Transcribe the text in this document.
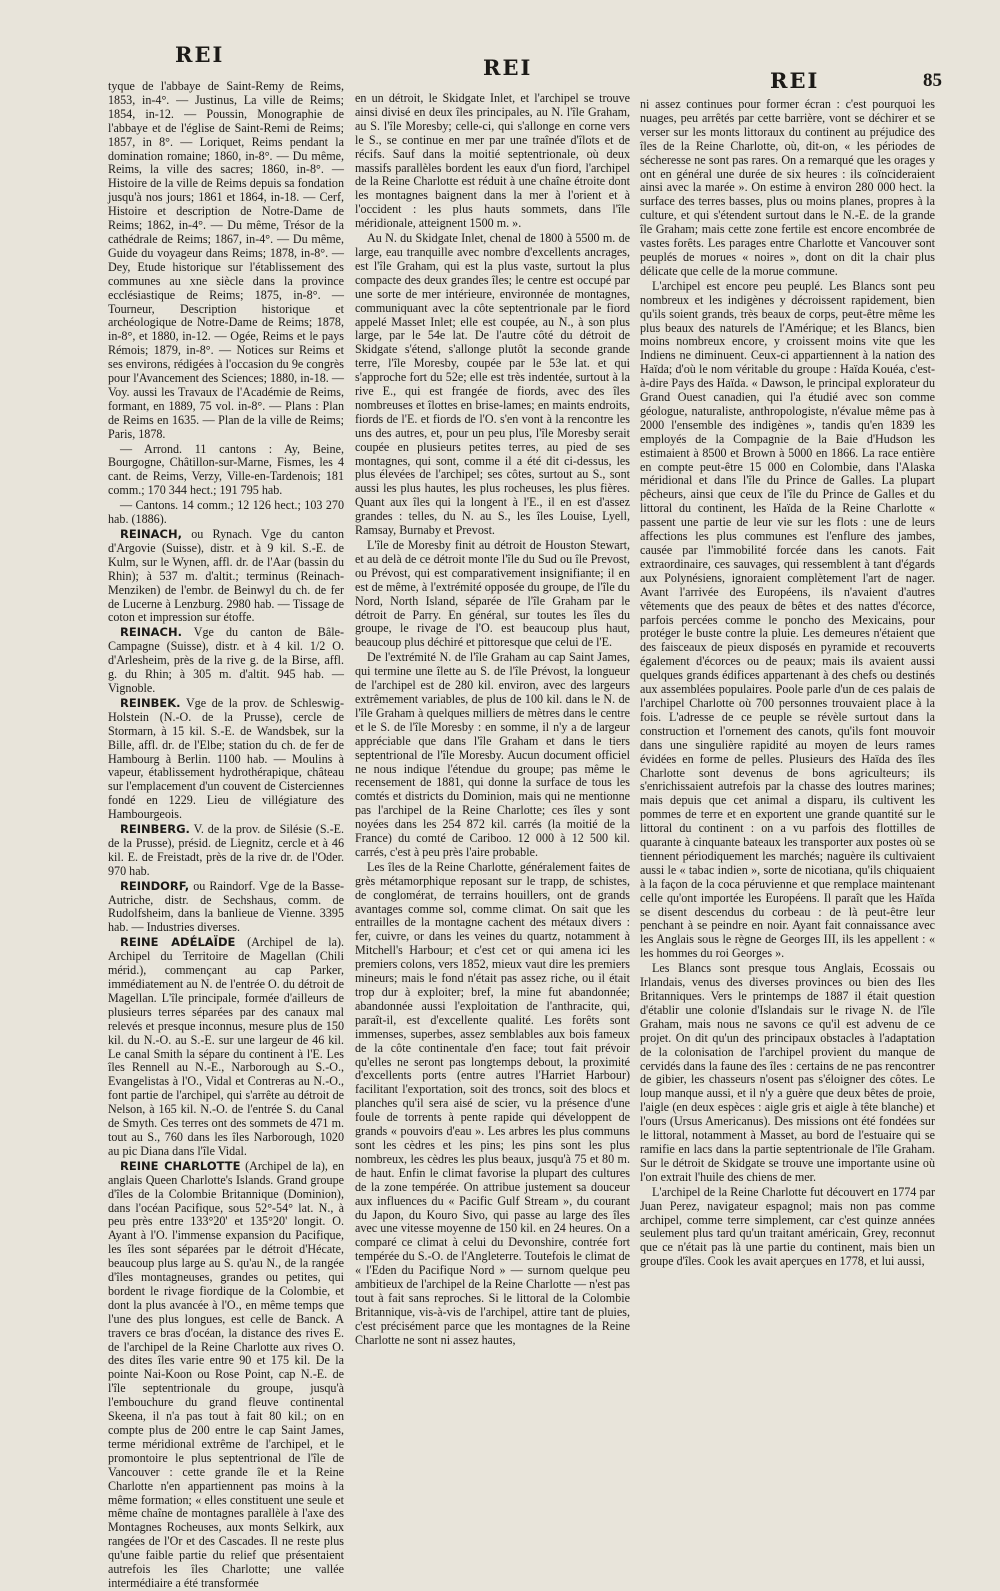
REI
REI
REI	85

tyque de l'abbaye de Saint-Remy de Reims, 1853, in-4°. — Justinus, La ville de Reims; 1854, in-12. — Poussin, Monographie de l'abbaye et de l'église de Saint-Remi de Reims; 1857, in 8°. — Loriquet, Reims pendant la domination romaine; 1860, in-8°. — Du même, Reims, la ville des sacres; 1860, in-8°. — Histoire de la ville de Reims depuis sa fondation jusqu'à nos jours; 1861 et 1864, in-18. — Cerf, Histoire et description de Notre-Dame de Reims; 1862, in-4°. — Du même, Trésor de la cathédrale de Reims; 1867, in-4°. — Du même, Guide du voyageur dans Reims; 1878, in-8°. — Dey, Etude historique sur l'établissement des communes au xne siècle dans la province ecclésiastique de Reims; 1875, in-8°. — Tourneur, Description historique et archéologique de Notre-Dame de Reims; 1878, in-8°, et 1880, in-12. — Ogée, Reims et le pays Rémois; 1879, in-8°. — Notices sur Reims et ses environs, rédigées à l'occasion du 9e congrès pour l'Avancement des Sciences; 1880, in-18. — Voy. aussi les Travaux de l'Académie de Reims, formant, en 1889, 75 vol. in-8°. — Plans : Plan de Reims en 1635. — Plan de la ville de Reims; Paris, 1878.

— Arrond. 11 cantons : Ay, Beine, Bourgogne, Châtillon-sur-Marne, Fismes, les 4 cant. de Reims, Verzy, Ville-en-Tardenois; 181 comm.; 170 344 hect.; 191 795 hab.

— Cantons. 14 comm.; 12 126 hect.; 103 270 hab. (1886).

REINACH, ou Rynach. Vge du canton d'Argovie (Suisse), distr. et à 9 kil. S.-E. de Kulm, sur le Wynen, affl. dr. de l'Aar (bassin du Rhin); à 537 m. d'altit.; terminus (Reinach-Menziken) de l'embr. de Beinwyl du ch. de fer de Lucerne à Lenzburg. 2980 hab. — Tissage de coton et impression sur étoffe.

REINACH. Vge du canton de Bâle-Campagne (Suisse), distr. et à 4 kil. 1/2 O. d'Arlesheim, près de la rive g. de la Birse, affl. g. du Rhin; à 305 m. d'altit. 945 hab. — Vignoble.

REINBEK. Vge de la prov. de Schleswig-Holstein (N.-O. de la Prusse), cercle de Stormarn, à 15 kil. S.-E. de Wandsbek, sur la Bille, affl. dr. de l'Elbe; station du ch. de fer de Hambourg à Berlin. 1100 hab. — Moulins à vapeur, établissement hydrothérapique, château sur l'emplacement d'un couvent de Cisterciennes fondé en 1229. Lieu de villégiature des Hambourgeois.

REINBERG. V. de la prov. de Silésie (S.-E. de la Prusse), présid. de Liegnitz, cercle et à 46 kil. E. de Freistadt, près de la rive dr. de l'Oder. 970 hab.

REINDORF, ou Raindorf. Vge de la Basse-Autriche, distr. de Sechshaus, comm. de Rudolfsheim, dans la banlieue de Vienne. 3395 hab. — Industries diverses.

REINE ADÉLAÏDE (Archipel de la). Archipel du Territoire de Magellan (Chili mérid.), commençant au cap Parker, immédiatement au N. de l'entrée O. du détroit de Magellan. L'île principale, formée d'ailleurs de plusieurs terres séparées par des canaux mal relevés et presque inconnus, mesure plus de 150 kil. du N.-O. au S.-E. sur une largeur de 46 kil. Le canal Smith la sépare du continent à l'E. Les îles Rennell au N.-E., Narborough au S.-O., Evangelistas à l'O., Vidal et Contreras au N.-O., font partie de l'archipel, qui s'arrête au détroit de Nelson, à 165 kil. N.-O. de l'entrée S. du Canal de Smyth. Ces terres ont des sommets de 471 m. tout au S., 760 dans les îles Narborough, 1020 au pic Diana dans l'île Vidal.

REINE CHARLOTTE (Archipel de la), en anglais Queen Charlotte's Islands. Grand groupe d'îles de la Colombie Britannique (Dominion), dans l'océan Pacifique, sous 52°-54° lat. N., à peu près entre 133°20' et 135°20' longit. O. Ayant à l'O. l'immense expansion du Pacifique, les îles sont séparées par le détroit d'Hécate, beaucoup plus large au S. qu'au N., de la rangée d'îles montagneuses, grandes ou petites, qui bordent le rivage fiordique de la Colombie, et dont la plus avancée à l'O., en même temps que l'une des plus longues, est celle de Banck. A travers ce bras d'océan, la distance des rives E. de l'archipel de la Reine Charlotte aux rives O. des dites îles varie entre 90 et 175 kil. De la pointe Nai-Koon ou Rose Point, cap N.-E. de l'île septentrionale du groupe, jusqu'à l'embouchure du grand fleuve continental Skeena, il n'a pas tout à fait 80 kil.; on en compte plus de 200 entre le cap Saint James, terme méridional extrême de l'archipel, et le promontoire le plus septentrional de l'île de Vancouver : cette grande île et la Reine Charlotte n'en appartiennent pas moins à la même formation; « elles constituent une seule et même chaîne de montagnes parallèle à l'axe des Montagnes Rocheuses, aux monts Selkirk, aux rangées de l'Or et des Cascades. Il ne reste plus qu'une faible partie du relief que présentaient autrefois les îles Charlotte; une vallée intermédiaire a été transformée

en un détroit, le Skidgate Inlet, et l'archipel se trouve ainsi divisé en deux îles principales, au N. l'île Graham, au S. l'île Moresby; celle-ci, qui s'allonge en corne vers le S., se continue en mer par une traînée d'îlots et de récifs. Sauf dans la moitié septentrionale, où deux massifs parallèles bordent les eaux d'un fiord, l'archipel de la Reine Charlotte est réduit à une chaîne étroite dont les montagnes baignent dans la mer à l'orient et à l'occident : les plus hauts sommets, dans l'île méridionale, atteignent 1500 m. ».

Au N. du Skidgate Inlet, chenal de 1800 à 5500 m. de large, eau tranquille avec nombre d'excellents ancrages, est l'île Graham, qui est la plus vaste, surtout la plus compacte des deux grandes îles; le centre est occupé par une sorte de mer intérieure, environnée de montagnes, communiquant avec la côte septentrionale par le fiord appelé Masset Inlet; elle est coupée, au N., à son plus large, par le 54e lat. De l'autre côté du détroit de Skidgate s'étend, s'allonge plutôt la seconde grande terre, l'île Moresby, coupée par le 53e lat. et qui s'approche fort du 52e; elle est très indentée, surtout à la rive E., qui est frangée de fiords, avec des îles nombreuses et îlottes en brise-lames; en maints endroits, fiords de l'E. et fiords de l'O. s'en vont à la rencontre les uns des autres, et, pour un peu plus, l'île Moresby serait coupée en plusieurs petites terres, au pied de ses montagnes, qui sont, comme il a été dit ci-dessus, les plus élevées de l'archipel; ses côtes, surtout au S., sont aussi les plus hautes, les plus rocheuses, les plus fières. Quant aux îles qui la longent à l'E., il en est d'assez grandes : telles, du N. au S., les îles Louise, Lyell, Ramsay, Burnaby et Prevost.

L'île de Moresby finit au détroit de Houston Stewart, et au delà de ce détroit monte l'île du Sud ou île Prevost, ou Prévost, qui est comparativement insignifiante; il en est de même, à l'extrémité opposée du groupe, de l'île du Nord, North Island, séparée de l'île Graham par le détroit de Parry. En général, sur toutes les îles du groupe, le rivage de l'O. est beaucoup plus haut, beaucoup plus déchiré et pittoresque que celui de l'E.

De l'extrémité N. de l'île Graham au cap Saint James, qui termine une îlette au S. de l'île Prévost, la longueur de l'archipel est de 280 kil. environ, avec des largeurs extrêmement variables, de plus de 100 kil. dans le N. de l'île Graham à quelques milliers de mètres dans le centre et le S. de l'île Moresby : en somme, il n'y a de largeur appréciable que dans l'île Graham et dans le tiers septentrional de l'île Moresby. Aucun document officiel ne nous indique l'étendue du groupe; pas même le recensement de 1881, qui donne la surface de tous les comtés et districts du Dominion, mais qui ne mentionne pas l'archipel de la Reine Charlotte; ces îles y sont noyées dans les 254 872 kil. carrés (la moitié de la France) du comté de Cariboo. 12 000 à 12 500 kil. carrés, c'est à peu près l'aire probable.

Les îles de la Reine Charlotte, généralement faites de grès métamorphique reposant sur le trapp, de schistes, de conglomérat, de terrains houillers, ont de grands avantages comme sol, comme climat. On sait que les entrailles de la montagne cachent des métaux divers : fer, cuivre, or dans les veines du quartz, notamment à Mitchell's Harbour; et c'est cet or qui amena ici les premiers colons, vers 1852, mieux vaut dire les premiers mineurs; mais le fond n'était pas assez riche, ou il était trop dur à exploiter; bref, la mine fut abandonnée; abandonnée aussi l'exploitation de l'anthracite, qui, paraît-il, est d'excellente qualité. Les forêts sont immenses, superbes, assez semblables aux bois fameux de la côte continentale d'en face; tout fait prévoir qu'elles ne seront pas longtemps debout, la proximité d'excellents ports (entre autres l'Harriet Harbour) facilitant l'exportation, soit des troncs, soit des blocs et planches qu'il sera aisé de scier, vu la présence d'une foule de torrents à pente rapide qui développent de grands « pouvoirs d'eau ». Les arbres les plus communs sont les cèdres et les pins; les pins sont les plus nombreux, les cèdres les plus beaux, jusqu'à 75 et 80 m. de haut. Enfin le climat favorise la plupart des cultures de la zone tempérée. On attribue justement sa douceur aux influences du « Pacific Gulf Stream », du courant du Japon, du Kouro Sivo, qui passe au large des îles avec une vitesse moyenne de 150 kil. en 24 heures. On a comparé ce climat à celui du Devonshire, contrée fort tempérée du S.-O. de l'Angleterre. Toutefois le climat de « l'Eden du Pacifique Nord » — surnom quelque peu ambitieux de l'archipel de la Reine Charlotte — n'est pas tout à fait sans reproches. Si le littoral de la Colombie Britannique, vis-à-vis de l'archipel, attire tant de pluies, c'est précisément parce que les montagnes de la Reine Charlotte ne sont ni assez hautes,

ni assez continues pour former écran : c'est pourquoi les nuages, peu arrêtés par cette barrière, vont se déchirer et se verser sur les monts littoraux du continent au préjudice des îles de la Reine Charlotte, où, dit-on, « les périodes de sécheresse ne sont pas rares. On a remarqué que les orages y ont en général une durée de six heures : ils coïncideraient ainsi avec la marée ». On estime à environ 280 000 hect. la surface des terres basses, plus ou moins planes, propres à la culture, et qui s'étendent surtout dans le N.-E. de la grande île Graham; mais cette zone fertile est encore encombrée de vastes forêts. Les parages entre Charlotte et Vancouver sont peuplés de morues « noires », dont on dit la chair plus délicate que celle de la morue commune.

L'archipel est encore peu peuplé. Les Blancs sont peu nombreux et les indigènes y décroissent rapidement, bien qu'ils soient grands, très beaux de corps, peut-être même les plus beaux des naturels de l'Amérique; et les Blancs, bien moins nombreux encore, y croissent moins vite que les Indiens ne diminuent. Ceux-ci appartiennent à la nation des Haïda; d'où le nom véritable du groupe : Haïda Kouéa, c'est-à-dire Pays des Haïda. « Dawson, le principal explorateur du Grand Ouest canadien, qui l'a étudié avec son comme géologue, naturaliste, anthropologiste, n'évalue même pas à 2000 l'ensemble des indigènes », tandis qu'en 1839 les employés de la Compagnie de la Baie d'Hudson les estimaient à 8500 et Brown à 5000 en 1866. La race entière en compte peut-être 15 000 en Colombie, dans l'Alaska méridional et dans l'île du Prince de Galles. La plupart pêcheurs, ainsi que ceux de l'île du Prince de Galles et du littoral du continent, les Haïda de la Reine Charlotte « passent une partie de leur vie sur les flots : une de leurs affections les plus communes est l'enflure des jambes, causée par l'immobilité forcée dans les canots. Fait extraordinaire, ces sauvages, qui ressemblent à tant d'égards aux Polynésiens, ignoraient complètement l'art de nager. Avant l'arrivée des Européens, ils n'avaient d'autres vêtements que des peaux de bêtes et des nattes d'écorce, parfois percées comme le poncho des Mexicains, pour protéger le buste contre la pluie. Les demeures n'étaient que des faisceaux de pieux disposés en pyramide et recouverts également d'écorces ou de peaux; mais ils avaient aussi quelques grands édifices appartenant à des chefs ou destinés aux assemblées populaires. Poole parle d'un de ces palais de l'archipel Charlotte où 700 personnes trouvaient place à la fois. L'adresse de ce peuple se révèle surtout dans la construction et l'ornement des canots, qu'ils font mouvoir dans une singulière rapidité au moyen de leurs rames évidées en forme de pelles. Plusieurs des Haïda des îles Charlotte sont devenus de bons agriculteurs; ils s'enrichissaient autrefois par la chasse des loutres marines; mais depuis que cet animal a disparu, ils cultivent les pommes de terre et en exportent une grande quantité sur le littoral du continent : on a vu parfois des flottilles de quarante à cinquante bateaux les transporter aux postes où se tiennent périodiquement les marchés; naguère ils cultivaient aussi le « tabac indien », sorte de nicotiana, qu'ils chiquaient à la façon de la coca péruvienne et que remplace maintenant celle qu'ont importée les Européens. Il paraît que les Haïda se disent descendus du corbeau : de là peut-être leur penchant à se peindre en noir. Ayant fait connaissance avec les Anglais sous le règne de Georges III, ils les appellent : « les hommes du roi Georges ».

Les Blancs sont presque tous Anglais, Ecossais ou Irlandais, venus des diverses provinces ou bien des Iles Britanniques. Vers le printemps de 1887 il était question d'établir une colonie d'Islandais sur le rivage N. de l'île Graham, mais nous ne savons ce qu'il est advenu de ce projet. On dit qu'un des principaux obstacles à l'adaptation de la colonisation de l'archipel provient du manque de cervidés dans la faune des îles : certains de ne pas rencontrer de gibier, les chasseurs n'osent pas s'éloigner des côtes. Le loup manque aussi, et il n'y a guère que deux bêtes de proie, l'aigle (en deux espèces : aigle gris et aigle à tête blanche) et l'ours (Ursus Americanus). Des missions ont été fondées sur le littoral, notamment à Masset, au bord de l'estuaire qui se ramifie en lacs dans la partie septentrionale de l'île Graham. Sur le détroit de Skidgate se trouve une importante usine où l'on extrait l'huile des chiens de mer.

L'archipel de la Reine Charlotte fut découvert en 1774 par Juan Perez, navigateur espagnol; mais non pas comme archipel, comme terre simplement, car c'est quinze années seulement plus tard qu'un traitant américain, Grey, reconnut que ce n'était pas là une partie du continent, mais bien un groupe d'îles. Cook les avait aperçues en 1778, et lui aussi,
